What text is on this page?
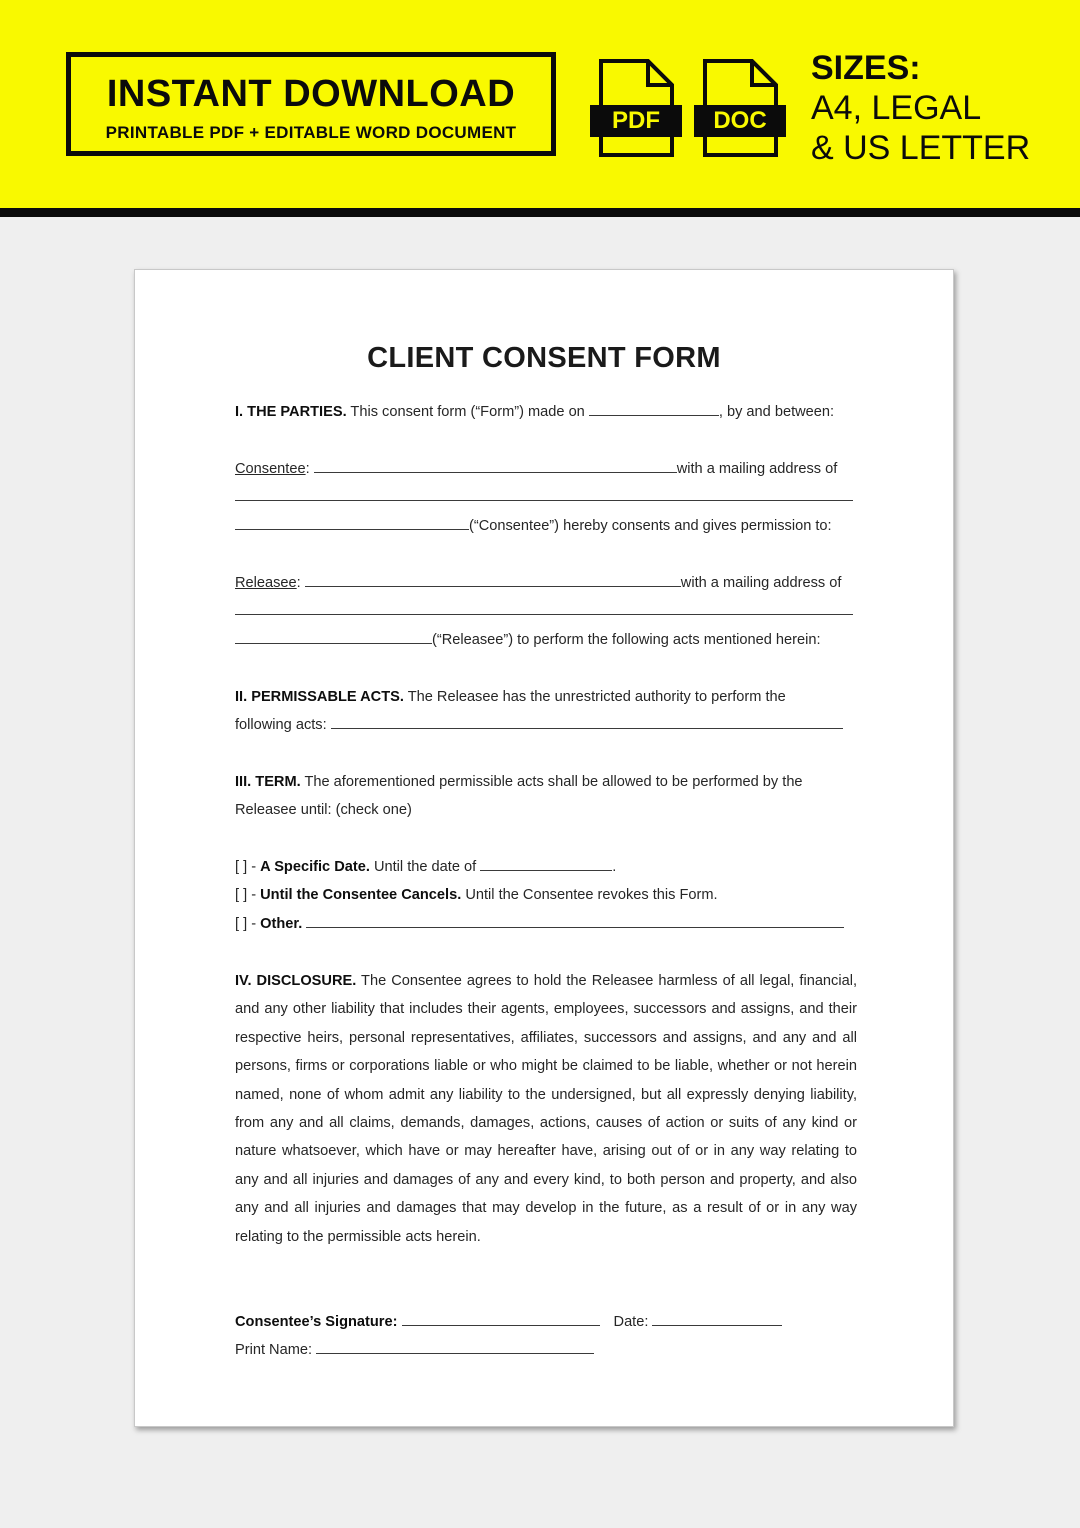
INSTANT DOWNLOAD
PRINTABLE PDF + EDITABLE WORD DOCUMENT	PDF	DOC
SIZES:
A4, LEGAL
& US LETTER
CLIENT CONSENT FORM
I. THE PARTIES. This consent form (“Form”) made on	, by and between:
Consentee:	with a mailing address of
(“Consentee”) hereby consents and gives permission to:
Releasee:	with a mailing address of
(“Releasee”) to perform the following acts mentioned herein:
II. PERMISSABLE ACTS. The Releasee has the unrestricted authority to perform the
following acts:
III. TERM. The aforementioned permissible acts shall be allowed to be performed by the
Releasee until: (check one)
[ ] - A Specific Date. Until the date of	.
[ ] - Until the Consentee Cancels. Until the Consentee revokes this Form.
[ ] - Other.
IV. DISCLOSURE. The Consentee agrees to hold the Releasee harmless of all legal, financial, and any other liability that includes their agents, employees, successors and assigns, and their respective heirs, personal representatives, affiliates, successors and assigns, and any and all persons, firms or corporations liable or who might be claimed to be liable, whether or not herein named, none of whom admit any liability to the undersigned, but all expressly denying liability, from any and all claims, demands, damages, actions, causes of action or suits of any kind or nature whatsoever, which have or may hereafter have, arising out of or in any way relating to any and all injuries and damages of any and every kind, to both person and property, and also any and all injuries and damages that may develop in the future, as a result of or in any way relating to the permissible acts herein.
Consentee’s Signature:	Date:
Print Name:
